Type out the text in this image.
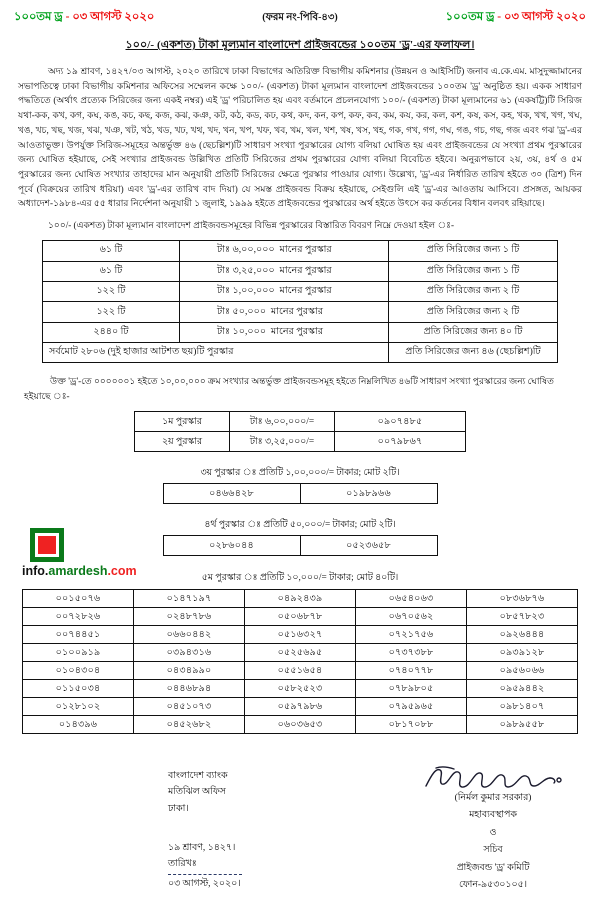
১০০তম ড্র - ০৩ আগস্ট ২০২০	(ফরম নং-পিবি-৪৩)	১০০তম ড্র - ০৩ আগস্ট ২০২০
১০০/- (একশত) টাকা মূল্যমান বাংলাদেশ প্রাইজবন্ডের ১০০তম 'ড্র'-এর ফলাফল।
অদ্য ১৯ শ্রাবণ, ১৪২৭/০৩ আগস্ট, ২০২০ তারিখে ঢাকা বিভাগের অতিরিক্ত বিভাগীয় কমিশনার (উন্নয়ন ও আইসিটি) জনাব এ.কে.এম. মাসুদুজ্জামানের সভাপতিত্বে ঢাকা বিভাগীয় কমিশনার অফিসের সম্মেলন কক্ষে ১০০/- (একশত) টাকা মূল্যমান বাংলাদেশ প্রাইজবন্ডের ১০০তম 'ড্র' অনুষ্ঠিত হয়। একক সাধারণ পদ্ধতিতে (অর্থাৎ প্রত্যেক সিরিজের জন্য একই নম্বর) এই 'ড্র' পরিচালিত হয় এবং বর্তমানে প্রচলনযোগ্য ১০০/- (একশত) টাকা মূল্যমানের ৬১ (একষট্টি)টি সিরিজ যথা-কক, কখ, কগ, কঘ, কঙ, কচ, কছ, কজ, কঝ, কঞ, কট, কঠ, কড, কঢ, কথ, কদ, কন, কপ, কফ, কব, কম, কয, কর, কল, কশ, কষ, কস, কহ, খক, খখ, খগ, খঘ, খঙ, খচ, খছ, খজ, খঝ, খঞ, খট, খঠ, খড, খঢ, খথ, খদ, খন, খপ, খফ, খব, খম, খল, খশ, খষ, খস, খহ, গক, গখ, গগ, গঘ, গঙ, গচ, গছ, গজ এবং গঝ 'ড্র'-এর আওতাভুক্ত। উপর্যুক্ত সিরিজ-সমূহের অন্তর্ভুক্ত ৪৬ (ছেচল্লিশ)টি সাধারণ সংখ্যা পুরস্কারের যোগ্য বলিয়া ঘোষিত হয় এবং প্রাইজবন্ডের যে সংখ্যা প্রথম পুরস্কারের জন্য ঘোষিত হইয়াছে, সেই সংখ্যার প্রাইজবন্ড উল্লিখিত প্রতিটি সিরিজের প্রথম পুরস্কারের যোগ্য বলিয়া বিবেচিত হইবে। অনুরূপভাবে ২য়, ৩য়, ৪র্থ ও ৫ম পুরস্কারের জন্য ঘোষিত সংখ্যার তাহাদের মান অনুযায়ী প্রতিটি সিরিজের ক্ষেত্রে পুরস্কার পাওয়ার যোগ্য। উল্লেখ্য, 'ড্র'-এর নির্ধারিত তারিখ হইতে ৩০ (ত্রিশ) দিন পূর্বে (বিক্রয়ের তারিখ ধরিয়া) এবং 'ড্র'-এর তারিখ বাদ দিয়া) যে সমস্ত প্রাইজবন্ড বিক্রয় হইয়াছে, সেইগুলি এই 'ড্র'-এর আওতায় আসিবে। প্রসঙ্গত, আয়কর অধ্যাদেশ-১৯৮৪-এর ৫৫ ধারার নির্দেশনা অনুযায়ী ১ জুলাই, ১৯৯৯ হইতে প্রাইজবন্ডের পুরস্কারের অর্থ হইতে উৎসে কর কর্তনের বিধান বলবৎ রহিয়াছে।
১০০/- (একশত) টাকা মূল্যমান বাংলাদেশ প্রাইজবন্ডসমূহের বিভিন্ন পুরস্কারের বিস্তারিত বিবরণ নিম্নে দেওয়া হইল ঃ-
৬১ টি	টাঃ ৬,০০,০০০ মানের পুরস্কার	প্রতি সিরিজের জন্য ১ টি
৬১ টি	টাঃ ৩,২৫,০০০ মানের পুরস্কার	প্রতি সিরিজের জন্য ১ টি
১২২ টি	টাঃ ১,০০,০০০ মানের পুরস্কার	প্রতি সিরিজের জন্য ২ টি
১২২ টি	টাঃ ৫০,০০০ মানের পুরস্কার	প্রতি সিরিজের জন্য ২ টি
২৪৪০ টি	টাঃ ১০,০০০ মানের পুরস্কার	প্রতি সিরিজের জন্য ৪০ টি
সর্বমোট ২৮০৬ (দুই হাজার আটশত ছয়)টি পুরস্কার		প্রতি সিরিজের জন্য ৪৬ (ছেচল্লিশ)টি
উক্ত 'ড্র'-তে ০০০০০০১ হইতে ১০,০০,০০০ ক্রম সংখ্যার অন্তর্ভুক্ত প্রাইজবন্ডসমূহ হইতে নিম্নলিখিত ৪৬টি সাধারণ সংখ্যা পুরস্কারের জন্য ঘোষিত হইয়াছে ঃ-
১ম পুরস্কার	টাঃ ৬,০০,০০০/=	০৯০৭৪৮৫
২য় পুরস্কার	টাঃ ৩,২৫,০০০/=	০০৭৯৮৬৭
৩য় পুরস্কার ঃ প্রতিটি ১,০০,০০০/= টাকার; মোট ২টি।
০৪৬৬৪২৮	০১৯৮৯৬৬
৪র্থ পুরস্কার ঃ প্রতিটি ৫০,০০০/= টাকার; মোট ২টি।
০২৮৬০৪৪	০৫২৩৬৫৮
৫ম পুরস্কার ঃ প্রতিটি ১০,০০০/= টাকার; মোট ৪০টি।
০০১৫০৭৬	০১৪৭১৯৭	০৪৯২৪৩৯	০৬৫৪০৬৩	০৮৩৬৮৭৬
০০৭২৮২৬	০২৪৮৭৮৬	০৫০৬৮৭৮	০৬৭০৫৬২	০৮৫৭৮২৩
০০৭৪৪৫১	০৬৬০৪৪২	০৫১৬৩২৭	০৭২১৭৫৬	০৯২৬৪৪৪
০১০০৯১৯	০৩৯৪৩১৬	০৫২৫৬৯৫	০৭৩৭৩৮৮	০৯৩৯১২৮
০১০৪৩০৪	০৪৩৪৯৯০	০৫৫১৬৫৪	০৭৪০৭৭৮	০৯৫৬০৬৬
০১১৫০৩৪	০৪৪৬৮৯৪	০৫৮২৫২৩	০৭৮৯৮০৫	০৯৫৯৪৪২
০১২৮১০২	০৪৫১০৭৩	০৫৯৭৯৮৬	০৭৯৫৯৬৫	০৯৮১৪০৭
০১৪৩৯৬	০৪৫২৬৮২	০৬০৩৬৫৩	০৮১৭০৮৮	০৯৮৯৫৫৮
info.amardesh.com
বাংলাদেশ ব্যাংক
মতিঝিল অফিস
ঢাকা।
১৯ শ্রাবণ, ১৪২৭।
তারিখঃ
০৩ আগস্ট, ২০২০।
(নির্মল কুমার সরকার)
মহাব্যবস্থাপক
ও
সচিব
প্রাইজবন্ড 'ড্র' কমিটি
ফোন-৯৫৩০১০৫।
